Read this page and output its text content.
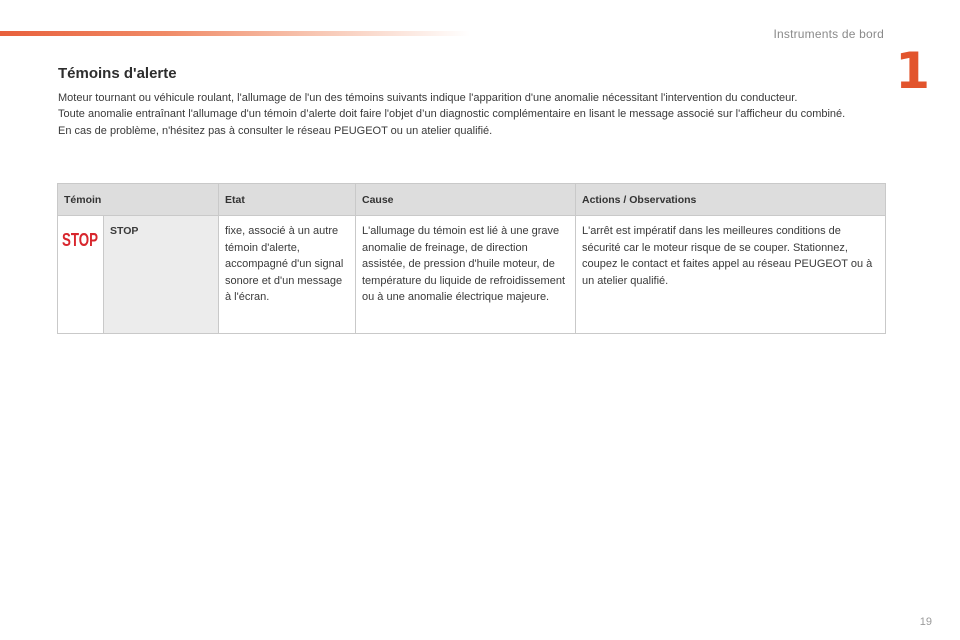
Instruments de bord
1
Témoins d'alerte

Moteur tournant ou véhicule roulant, l'allumage de l'un des témoins suivants indique l'apparition d'une anomalie nécessitant l'intervention du conducteur.

Toute anomalie entraînant l'allumage d'un témoin d’alerte doit faire l'objet d’un diagnostic complémentaire en lisant le message associé sur l'afficheur du combiné.

En cas de problème, n'hésitez pas à consulter le réseau PEUGEOT ou un atelier qualifié.

Témoin		Etat	Cause	Actions / Observations

STOP	STOP	fixe, associé à un autre témoin d'alerte, accompagné d'un signal sonore et d'un message à l'écran.	L'allumage du témoin est lié à une grave anomalie de freinage, de direction assistée, de pression d'huile moteur, de température du liquide de refroidissement ou à une anomalie électrique majeure.	L'arrêt est impératif dans les meilleures conditions de sécurité car le moteur risque de se couper. Stationnez, coupez le contact et faites appel au réseau PEUGEOT ou à un atelier qualifié.
19
